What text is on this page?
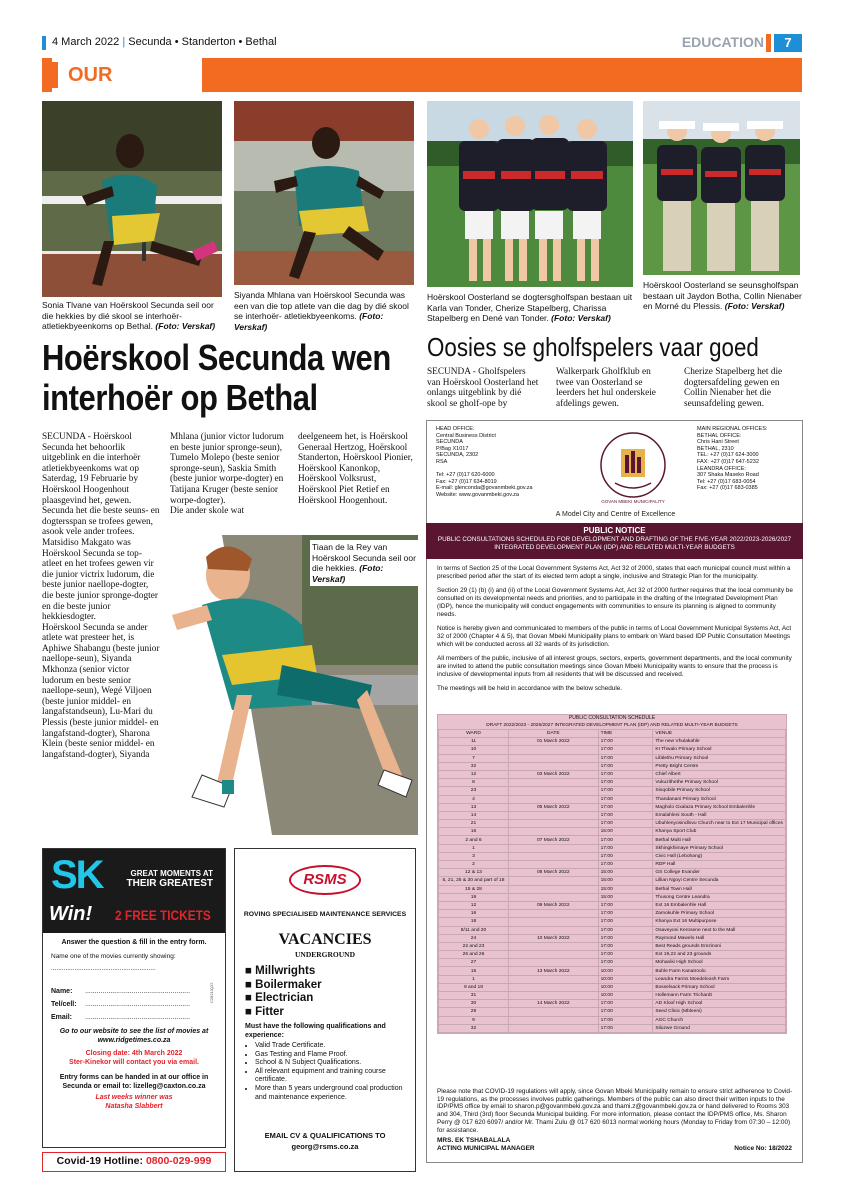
4 March 2022 | Secunda • Standerton • Bethal	EDUCATION	7
OUR
Sonia Tlvane van Hoërskool Secunda seil oor die hekkies by dié skool se interhoër-atletiekbyeenkoms op Bethal. (Foto: Verskaf)
Siyanda Mhlana van Hoërskool Secunda was een van die top atlete van die dag by dié skool se interhoër- atletiekbyeenkoms. (Foto: Verskaf)
Hoërskool Oosterland se dogtersgholfspan bestaan uit Karla van Tonder, Cherize Stapelberg, Charissa Stapelberg en Dené van Tonder. (Foto: Verskaf)
Hoërskool Oosterland se seunsgholfspan bestaan uit Jaydon Botha, Collin Nienaber en Morné du Plessis. (Foto: Verskaf)
Hoërskool Secunda wen
interhoër op Bethal
SECUNDA - Hoërskool Secunda het behoorlik uitgeblink en die interhoër atletiekbyeenkoms wat op Saterdag, 19 Februarie by Hoërskool Hoogenhout plaasgevind het, gewen.
Secunda het die beste seuns- en dogtersspan se trofees gewen, asook vele ander trofees.
Matsidiso Makgato was Hoërskool Secunda se top-atleet en het trofees gewen vir die junior victrix ludorum, die beste junior naellope-dogter, die beste junior spronge-dogter en die beste junior hekkiesdogter.
Hoërskool Secunda se ander atlete wat presteer het, is Aphiwe Shabangu (beste junior naellope-seun), Siyanda Mkhonza (senior victor ludorum en beste senior naellope-seun), Wegé Viljoen (beste junior middel- en langafstandseun), Lu-Mari du Plessis (beste junior middel- en langafstand-dogter), Sharona Klein (beste senior middel- en langafstand-dogter), Siyanda
Mhlana (junior victor ludorum en beste junior spronge-seun), Tumelo Molepo (beste senior spronge-seun), Saskia Smith (beste junior worpe-dogter) en Tatijana Kruger (beste senior worpe-dogter).
Die ander skole wat
deelgeneem het, is Hoërskool Generaal Hertzog, Hoërskool Standerton, Hoërskool Pionier, Hoërskool Kanonkop, Hoërskool Volksrust, Hoërskool Piet Retief en Hoërskool Hoogenhout.
Tiaan de la Rey van Hoërskool Secunda seil oor die hekkies. (Foto: Verskaf)
Oosies se gholfspelers vaar goed
SECUNDA - Gholfspelers van Hoërskool Oosterland het onlangs uitgeblink by dié skool se gholf-ope by
Walkerpark Gholfklub en twee van Oosterland se leerders het hul onderskeie afdelings gewen.
Cherize Stapelberg het die dogtersafdeling gewen en Collin Nienaber het die seunsafdeling gewen.
HEAD OFFICE:
Central Business District
SECUNDA
P/Bag X1017
SECUNDA, 2302
RSA

Tel: +27 (0)17 620-6000
Fax: +27 (0)17 634-8019
E-mail: glenconda@govanmbeki.gov.za
Website: www.govanmbeki.gov.za
GOVAN MBEKI MUNICIPALITY
MAIN REGIONAL OFFICES:
BETHAL OFFICE:
Chris Hani Street
BETHAL, 2310
TEL: +27 (0)17 624-3000
FAX: +27 (0)17 647-5232
LEANDRA OFFICE:
307 Shaka Maseko Road
Tel: +27 (0)17 683-0054
Fax: +27 (0)17 683-0385
A Model City and Centre of Excellence
PUBLIC NOTICE
PUBLIC CONSULTATIONS SCHEDULED FOR DEVELOPMENT AND DRAFTING OF THE FIVE-YEAR 2022/2023-2026/2027 INTEGRATED DEVELOPMENT PLAN (IDP) AND RELATED MULTI-YEAR BUDGETS

In terms of Section 25 of the Local Government Systems Act, Act 32 of 2000, states that each municipal council must within a prescribed period after the start of its elected term adopt a single, inclusive and Strategic Plan for the municipality.

Section 29 (1) (b) (i) and (ii) of the Local Government Systems Act, Act 32 of 2000 further requires that the local community be consulted on its developmental needs and priorities, and to participate in the drafting of the Integrated Development Plan (IDP), hence the municipality will conduct engagements with communities to ensure its planning is aligned to community needs.

Notice is hereby given and communicated to members of the public in terms of Local Government Municipal Systems Act, Act 32 of 2000 (Chapter 4 & 5), that Govan Mbeki Municipality plans to embark on Ward based IDP Public Consultation Meetings which will be conducted across all 32 wards of its jurisdiction.

All members of the public, inclusive of all interest groups, sectors, experts, government departments, and the local community are invited to attend the public consultation meetings since Govan Mbeki Municipality wants to ensure that the process is inclusive of developmental inputs from all residents that will be discussed and received.

The meetings will be held in accordance with the below schedule.

PUBLIC CONSULTATION SCHEDULE
DRAFT 2022/2023 - 2026/2027 INTEGRATED DEVELOPMENT PLAN (IDP) AND RELATED MULTI-YEAR BUDGETS
WARD	DATE	TIME	VENUE
11	01 March 2022	17:00	The new Vhulakahle
10		17:00	KI Thwalo Primary School
7		17:00	Lifalethu Primary School
32		17:00	Pretty Bright Centre
12	03 March 2022	17:00	Chief Albert
8		17:00	Vukuzithethe Primary School
23		17:00	Sinqobile Primary School
4		17:00	Thandanani Primary School
13	05 March 2022	17:00	Magholo Gxalaza Primary School Embalenhle
14		17:00	Emalahleni South - Hall
21		17:00	Ubuhlenyosindlovu Church near to Ext 17 Municipal offices
16		15:00	Khanya Sport Club
2 and 6	07 March 2022	17:00	Bethal Multi Hall
1		17:00	Skhingkhimaye Primary School
3		17:00	Civic Hall (Lebohang)
2		17:00	RDP Hall
12 & 13	08 March 2022	15:00	GS College Evander
5, 21, 25 & 30 and part of 18		15:00	Lillian Ngoyi Centre Secunda
15 & 28		15:00	Bethal Town Hall
19		15:00	Thusong Centre Leandra
12	09 March 2022	17:00	Ext 16 Embalenhle Hall
16		17:00	Zamokuhle Primary School
18		17:00	Khanya Ext 16 Multipurpose
8/11 and 20		17:00	Osaveyoni Kerosene next to the Mall
24	10 March 2022	17:00	Raymond Mawelo Hall
22 and 23		17:00	Best Reads grounds Emzinoni
26 and 26		17:00	Ext 19,22 and 23 grounds
27		17:00	Mohaniki High School
15	13 March 2022	10:00	Buhle Farm Kanatroolo
1		10:00	Leandra Farms Moedeloosh Farm
9 and 18		10:00	Bosselsack Primary School
31		10:00	Hollemann Farm Trichardt
30	14 March 2022	17:00	AD Kloof High School
29		17:00	Seed Clinic (Mbleeni)
9		17:00	AGC Church
32		17:00	Siluzwe Ground
Please note that COVID-19 regulations will apply, since Govan Mbeki Municipality remain to ensure strict adherence to Covid-19 regulations, as the processes involves public gatherings. Members of the public can also direct their written inputs to the IDP/PMS office by email to sharon.p@govanmbeki.gov.za and thami.z@govanmbeki.gov.za or hand delivered to Rooms 303 and 304, Third (3rd) floor Secunda Municipal building. For more information, please contact the IDP/PMS office, Ms. Sharon Perry @ 017 620 6097/ and/or Mr. Thami Zulu @ 017 620 6013 normal working hours (Monday to Friday from 07:30 – 12:00) for assistance.
MRS. EK TSHABALALA
ACTING MUNICIPAL MANAGER	Notice No: 18/2022
SK	GREAT MOMENTS AT
THEIR GREATEST
Win! 2 FREE TICKETS
Answer the question & fill in the entry form.
Name one of the movies currently showing:
..........................................................
Name: ......................................................
Tel/cell: ......................................................
Email: ......................................................
Go to our website to see the list of movies at www.ridgetimes.co.za
Closing date: 4th March 2022
Ster-Kinekor will contact you via email.
Entry forms can be handed in at our office in Secunda or email to: lizelleg@caxton.co.za
Last weeks winner was
Natasha Slabbert
C2821/Q22
Covid-19 Hotline: 0800-029-999
RSMS
ROVING SPECIALISED MAINTENANCE SERVICES
VACANCIES
UNDERGROUND
■ Millwrights
■ Boilermaker
■ Electrician
■ Fitter
Must have the following qualifications and experience:
• Valid Trade Certificate.
• Gas Testing and Flame Proof.
• School & N Subject Qualifications.
• All relevant equipment and training course certificate.
• More than 5 years underground coal production and maintenance experience.
EMAIL CV & QUALIFICATIONS TO
georg@rsms.co.za
